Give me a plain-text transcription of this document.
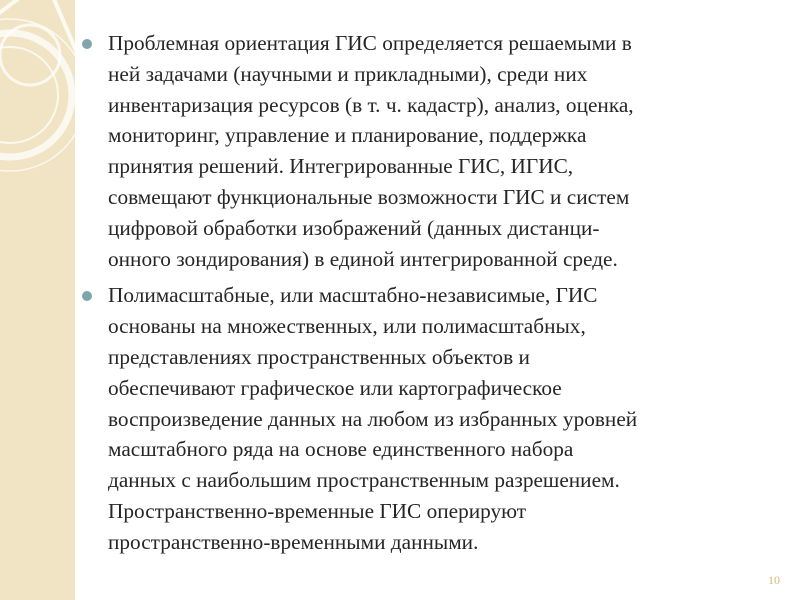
Проблемная ориентация ГИС определяется решаемыми в
ней задачами (научными и прикладными), среди них
инвентаризация ресурсов (в т. ч. кадастр), анализ, оценка,
мониторинг, управление и планирование, поддержка
принятия решений. Интегрированные ГИС, ИГИС,
совмещают функциональные возможности ГИС и систем
цифровой обработки изображений (данных дистанци-
онного зондирования) в единой интегрированной среде.
Полимасштабные, или масштабно-независимые, ГИС
основаны на множественных, или полимасштабных,
представлениях пространственных объектов и
обеспечивают графическое или картографическое
воспроизведение данных на любом из избранных уровней
масштабного ряда на основе единственного набора
данных с наибольшим пространственным разрешением.
Пространственно-временные ГИС оперируют
пространственно-временными данными.
10
